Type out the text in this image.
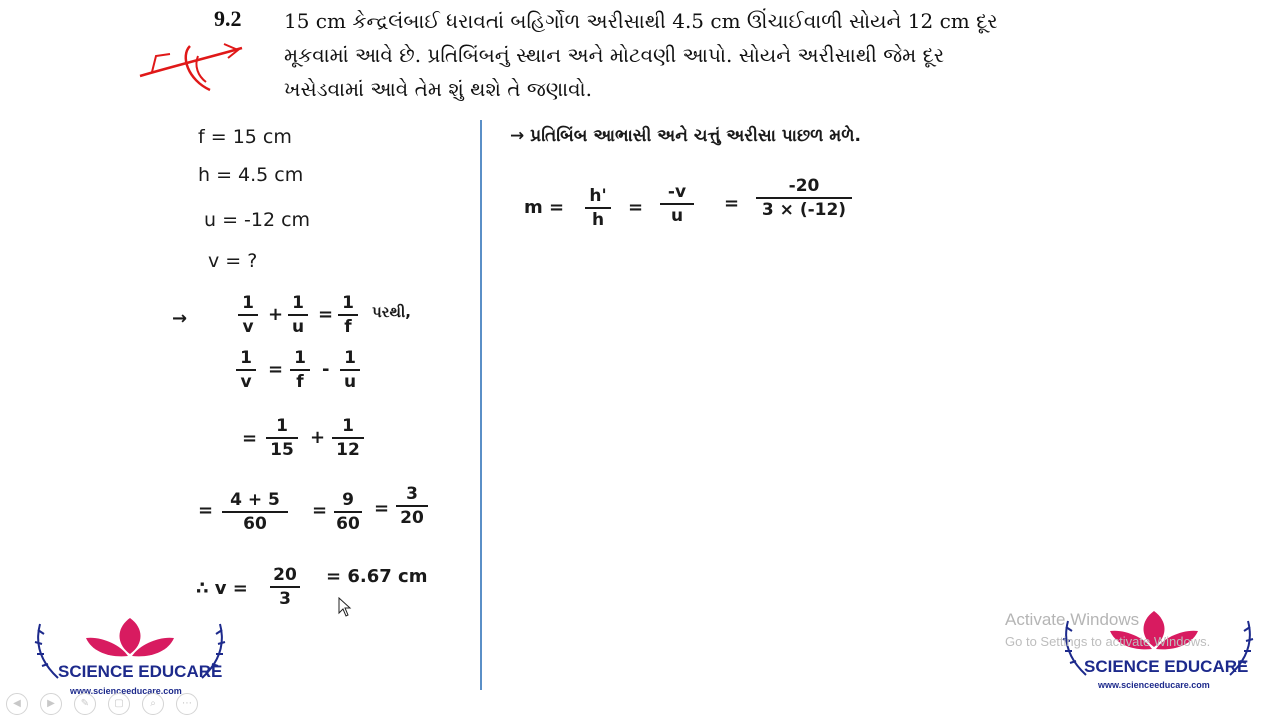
9.2 15 cm કેન્દ્રલંબાઈ ધરાવતાં બહિર્ગોળ અરીસાથી 4.5 cm ઊંચાઈવાળી સોયને 12 cm દૂર
મૂકવામાં આવે છે. પ્રતિબિંબનું સ્થાન અને મોટવણી આપો. સોયને અરીસાથી જેમ દૂર
ખસેડવામાં આવે તેમ શું થશે તે જણાવો.
f = 15 cm
h = 4.5 cm
u = -12 cm
v = ?
→
1
v
+
1
u
=
1
f
પરથી,
1
v
=
1
f
-
1
u
=
1
15
+
1
12
=	4 + 5
60
= 9
60
=
3
20
∴ v =
20
3
= 6.67 cm
→ પ્રતિબિંબ આભાસી અને ચત્તું અરીસા પાછળ મળે.
m =
h'
h
=
-v
u
=
-20
3 × (-12)
SCIENCE EDUCARE
www.scienceeducare.com
SCIENCE EDUCARE
www.scienceeducare.com
Activate Windows
Go to Settings to activate Windows.
◀	▶	✎	▢	⌕	⋯
